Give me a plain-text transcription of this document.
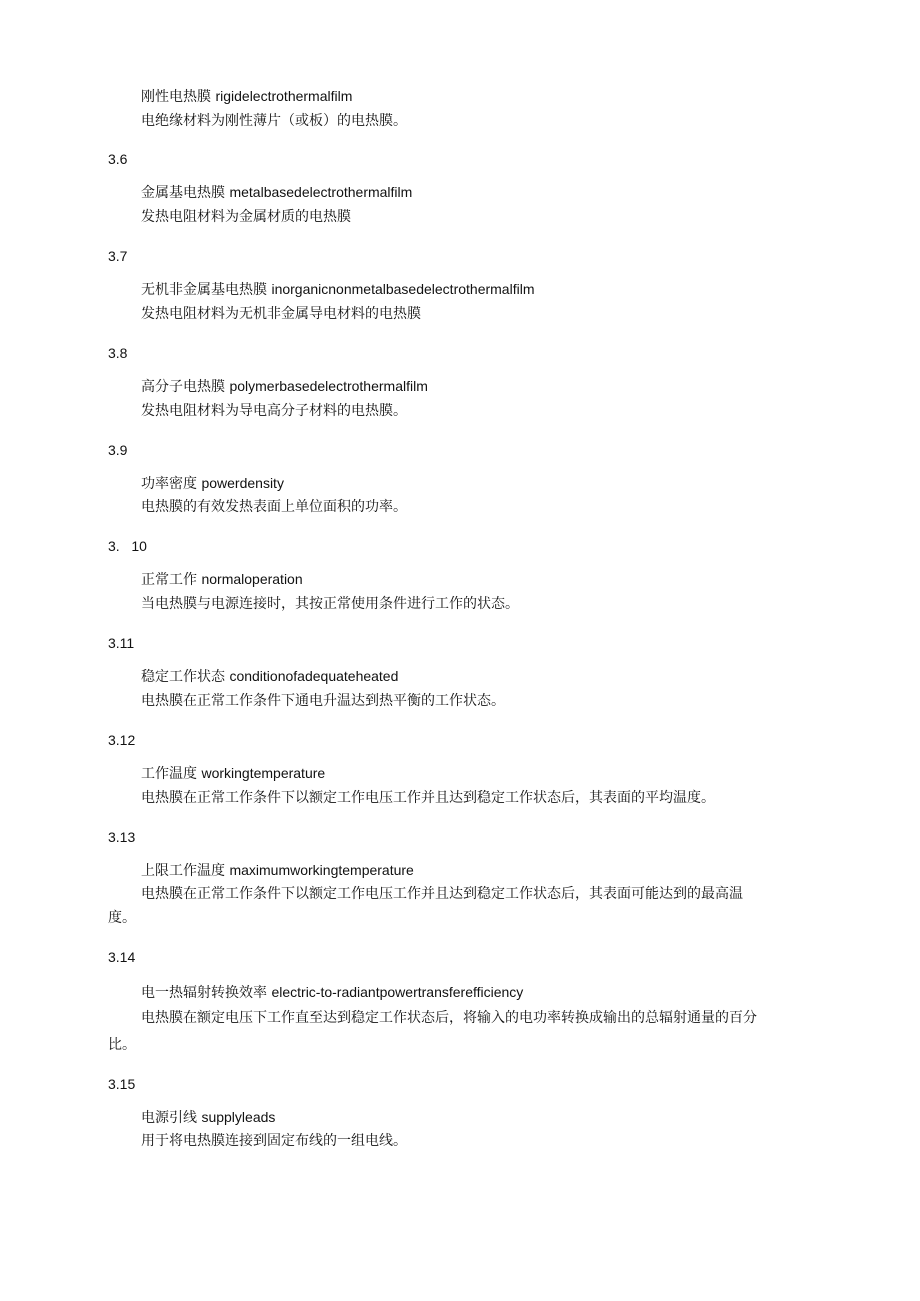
刚性电热膜 rigidelectrothermalfilm
电绝缘材料为刚性薄片（或板）的电热膜。
3.6
金属基电热膜 metalbasedelectrothermalfilm
发热电阻材料为金属材质的电热膜
3.7
无机非金属基电热膜 inorganicnonmetalbasedelectrothermalfilm
发热电阻材料为无机非金属导电材料的电热膜
3.8
高分子电热膜 polymerbasedelectrothermalfilm
发热电阻材料为导电高分子材料的电热膜。
3.9
功率密度 powerdensity
电热膜的有效发热表面上单位面积的功率。
3.   10
正常工作 normaloperation
当电热膜与电源连接时，其按正常使用条件进行工作的状态。
3.11
稳定工作状态 conditionofadequateheated
电热膜在正常工作条件下通电升温达到热平衡的工作状态。
3.12
工作温度 workingtemperature
电热膜在正常工作条件下以额定工作电压工作并且达到稳定工作状态后，其表面的平均温度。
3.13
上限工作温度 maximumworkingtemperature
电热膜在正常工作条件下以额定工作电压工作并且达到稳定工作状态后，其表面可能达到的最高温
度。
3.14
电一热辐射转换效率 electric-to-radiantpowertransferefficiency
电热膜在额定电压下工作直至达到稳定工作状态后，将输入的电功率转换成输出的总辐射通量的百分
比。
3.15
电源引线 supplyleads
用于将电热膜连接到固定布线的一组电线。
